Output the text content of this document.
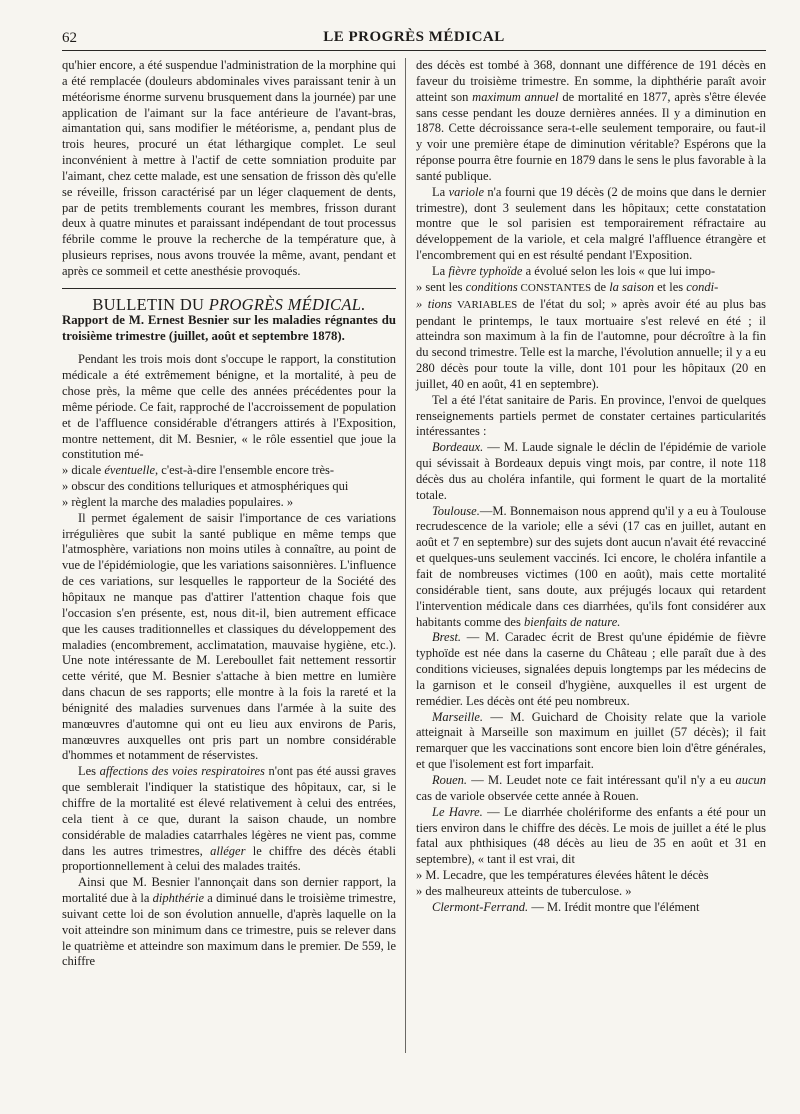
62	LE PROGRÈS MÉDICAL

qu'hier encore, a été suspendue l'administration de la morphine qui a été remplacée (douleurs abdominales vives paraissant tenir à un météorisme énorme survenu brusquement dans la journée) par une application de l'aimant sur la face antérieure de l'avant-bras, aimantation qui, sans modifier le météorisme, a, pendant plus de trois heures, procuré un état léthargique complet. Le seul inconvénient à mettre à l'actif de cette somniation produite par l'aimant, chez cette malade, est une sensation de frisson dès qu'elle se réveille, frisson caractérisé par un léger claquement de dents, par de petits tremblements courant les membres, frisson durant deux à quatre minutes et paraissant indépendant de tout processus fébrile comme le prouve la recherche de la température que, à plusieurs reprises, nous avons trouvée la même, avant, pendant et après ce sommeil et cette anesthésie provoqués.

BULLETIN DU PROGRÈS MÉDICAL.

Rapport de M. Ernest Besnier sur les maladies régnantes du troisième trimestre (juillet, août et septembre 1878).

Pendant les trois mois dont s'occupe le rapport, la constitution médicale a été extrêmement bénigne, et la mortalité, à peu de chose près, la même que celle des années précédentes pour la même période. Ce fait, rapproché de l'accroissement de population et de l'affluence considérable d'étrangers attirés à l'Exposition, montre nettement, dit M. Besnier, « le rôle essentiel que joue la constitution mé-

» dicale éventuelle, c'est-à-dire l'ensemble encore très-

» obscur des conditions telluriques et atmosphériques qui

» règlent la marche des maladies populaires. »

Il permet également de saisir l'importance de ces variations irrégulières que subit la santé publique en même temps que l'atmosphère, variations non moins utiles à connaître, au point de vue de l'épidémiologie, que les variations saisonnières. L'influence de ces variations, sur lesquelles le rapporteur de la Société des hôpitaux ne manque pas d'attirer l'attention chaque fois que l'occasion s'en présente, est, nous dit-il, bien autrement efficace que les causes traditionnelles et classiques du développement des maladies (encombrement, acclimatation, mauvaise hygiène, etc.). Une note intéressante de M. Lereboullet fait nettement ressortir cette vérité, que M. Besnier s'attache à bien mettre en lumière dans chacun de ses rapports; elle montre à la fois la rareté et la bénignité des maladies survenues dans l'armée à la suite des manœuvres d'automne qui ont eu lieu aux environs de Paris, manœuvres auxquelles ont pris part un nombre considérable d'hommes et notamment de réservistes.

Les affections des voies respiratoires n'ont pas été aussi graves que semblerait l'indiquer la statistique des hôpitaux, car, si le chiffre de la mortalité est élevé relativement à celui des entrées, cela tient à ce que, durant la saison chaude, un nombre considérable de maladies catarrhales légères ne vient pas, comme dans les autres trimestres, alléger le chiffre des décès établi proportionnellement à celui des malades traités.

Ainsi que M. Besnier l'annonçait dans son dernier rapport, la mortalité due à la diphthérie a diminué dans le troisième trimestre, suivant cette loi de son évolution annuelle, d'après laquelle on la voit atteindre son minimum dans ce trimestre, puis se relever dans le quatrième et atteindre son maximum dans le premier. De 559, le chiffre

des décès est tombé à 368, donnant une différence de 191 décès en faveur du troisième trimestre. En somme, la diphthérie paraît avoir atteint son maximum annuel de mortalité en 1877, après s'être élevée sans cesse pendant les douze dernières années. Il y a diminution en 1878. Cette décroissance sera-t-elle seulement temporaire, ou faut-il y voir une première étape de diminution véritable? Espérons que la réponse pourra être fournie en 1879 dans le sens le plus favorable à la santé publique.

La variole n'a fourni que 19 décès (2 de moins que dans le dernier trimestre), dont 3 seulement dans les hôpitaux; cette constatation montre que le sol parisien est temporairement réfractaire au développement de la variole, et cela malgré l'affluence étrangère et l'encombrement qui en est résulté pendant l'Exposition.

La fièvre typhoïde a évolué selon les lois « que lui impo-

» sent les conditions CONSTANTES de la saison et les condi-

» tions VARIABLES de l'état du sol; » après avoir été au plus bas pendant le printemps, le taux mortuaire s'est relevé en été ; il atteindra son maximum à la fin de l'automne, pour décroître à la fin du second trimestre. Telle est la marche, l'évolution annuelle; il y a eu 280 décès pour toute la ville, dont 101 pour les hôpitaux (20 en juillet, 40 en août, 41 en septembre).

Tel a été l'état sanitaire de Paris. En province, l'envoi de quelques renseignements partiels permet de constater certaines particularités intéressantes :

Bordeaux. — M. Laude signale le déclin de l'épidémie de variole qui sévissait à Bordeaux depuis vingt mois, par contre, il note 118 décès dus au choléra infantile, qui forment le quart de la mortalité totale.

Toulouse.—M. Bonnemaison nous apprend qu'il y a eu à Toulouse recrudescence de la variole; elle a sévi (17 cas en juillet, autant en août et 7 en septembre) sur des sujets dont aucun n'avait été revacciné et quelques-uns seulement vaccinés. Ici encore, le choléra infantile a fait de nombreuses victimes (100 en août), mais cette mortalité considérable tient, sans doute, aux préjugés locaux qui retardent l'intervention médicale dans ces diarrhées, qu'ils font considérer aux habitants comme des bienfaits de nature.

Brest. — M. Caradec écrit de Brest qu'une épidémie de fièvre typhoïde est née dans la caserne du Château ; elle paraît due à des conditions vicieuses, signalées depuis longtemps par les médecins de la garnison et le conseil d'hygiène, auxquelles il est urgent de remédier. Les décès ont été peu nombreux.

Marseille. — M. Guichard de Choisity relate que la variole atteignait à Marseille son maximum en juillet (57 décès); il fait remarquer que les vaccinations sont encore bien loin d'être générales, et que l'isolement est fort imparfait.

Rouen. — M. Leudet note ce fait intéressant qu'il n'y a eu aucun cas de variole observée cette année à Rouen.

Le Havre. — Le diarrhée cholériforme des enfants a été pour un tiers environ dans le chiffre des décès. Le mois de juillet a été le plus fatal aux phthisiques (48 décès au lieu de 35 en août et 31 en septembre), « tant il est vrai, dit

» M. Lecadre, que les températures élevées hâtent le décès

» des malheureux atteints de tuberculose. »

Clermont-Ferrand. — M. Irédit montre que l'élément
